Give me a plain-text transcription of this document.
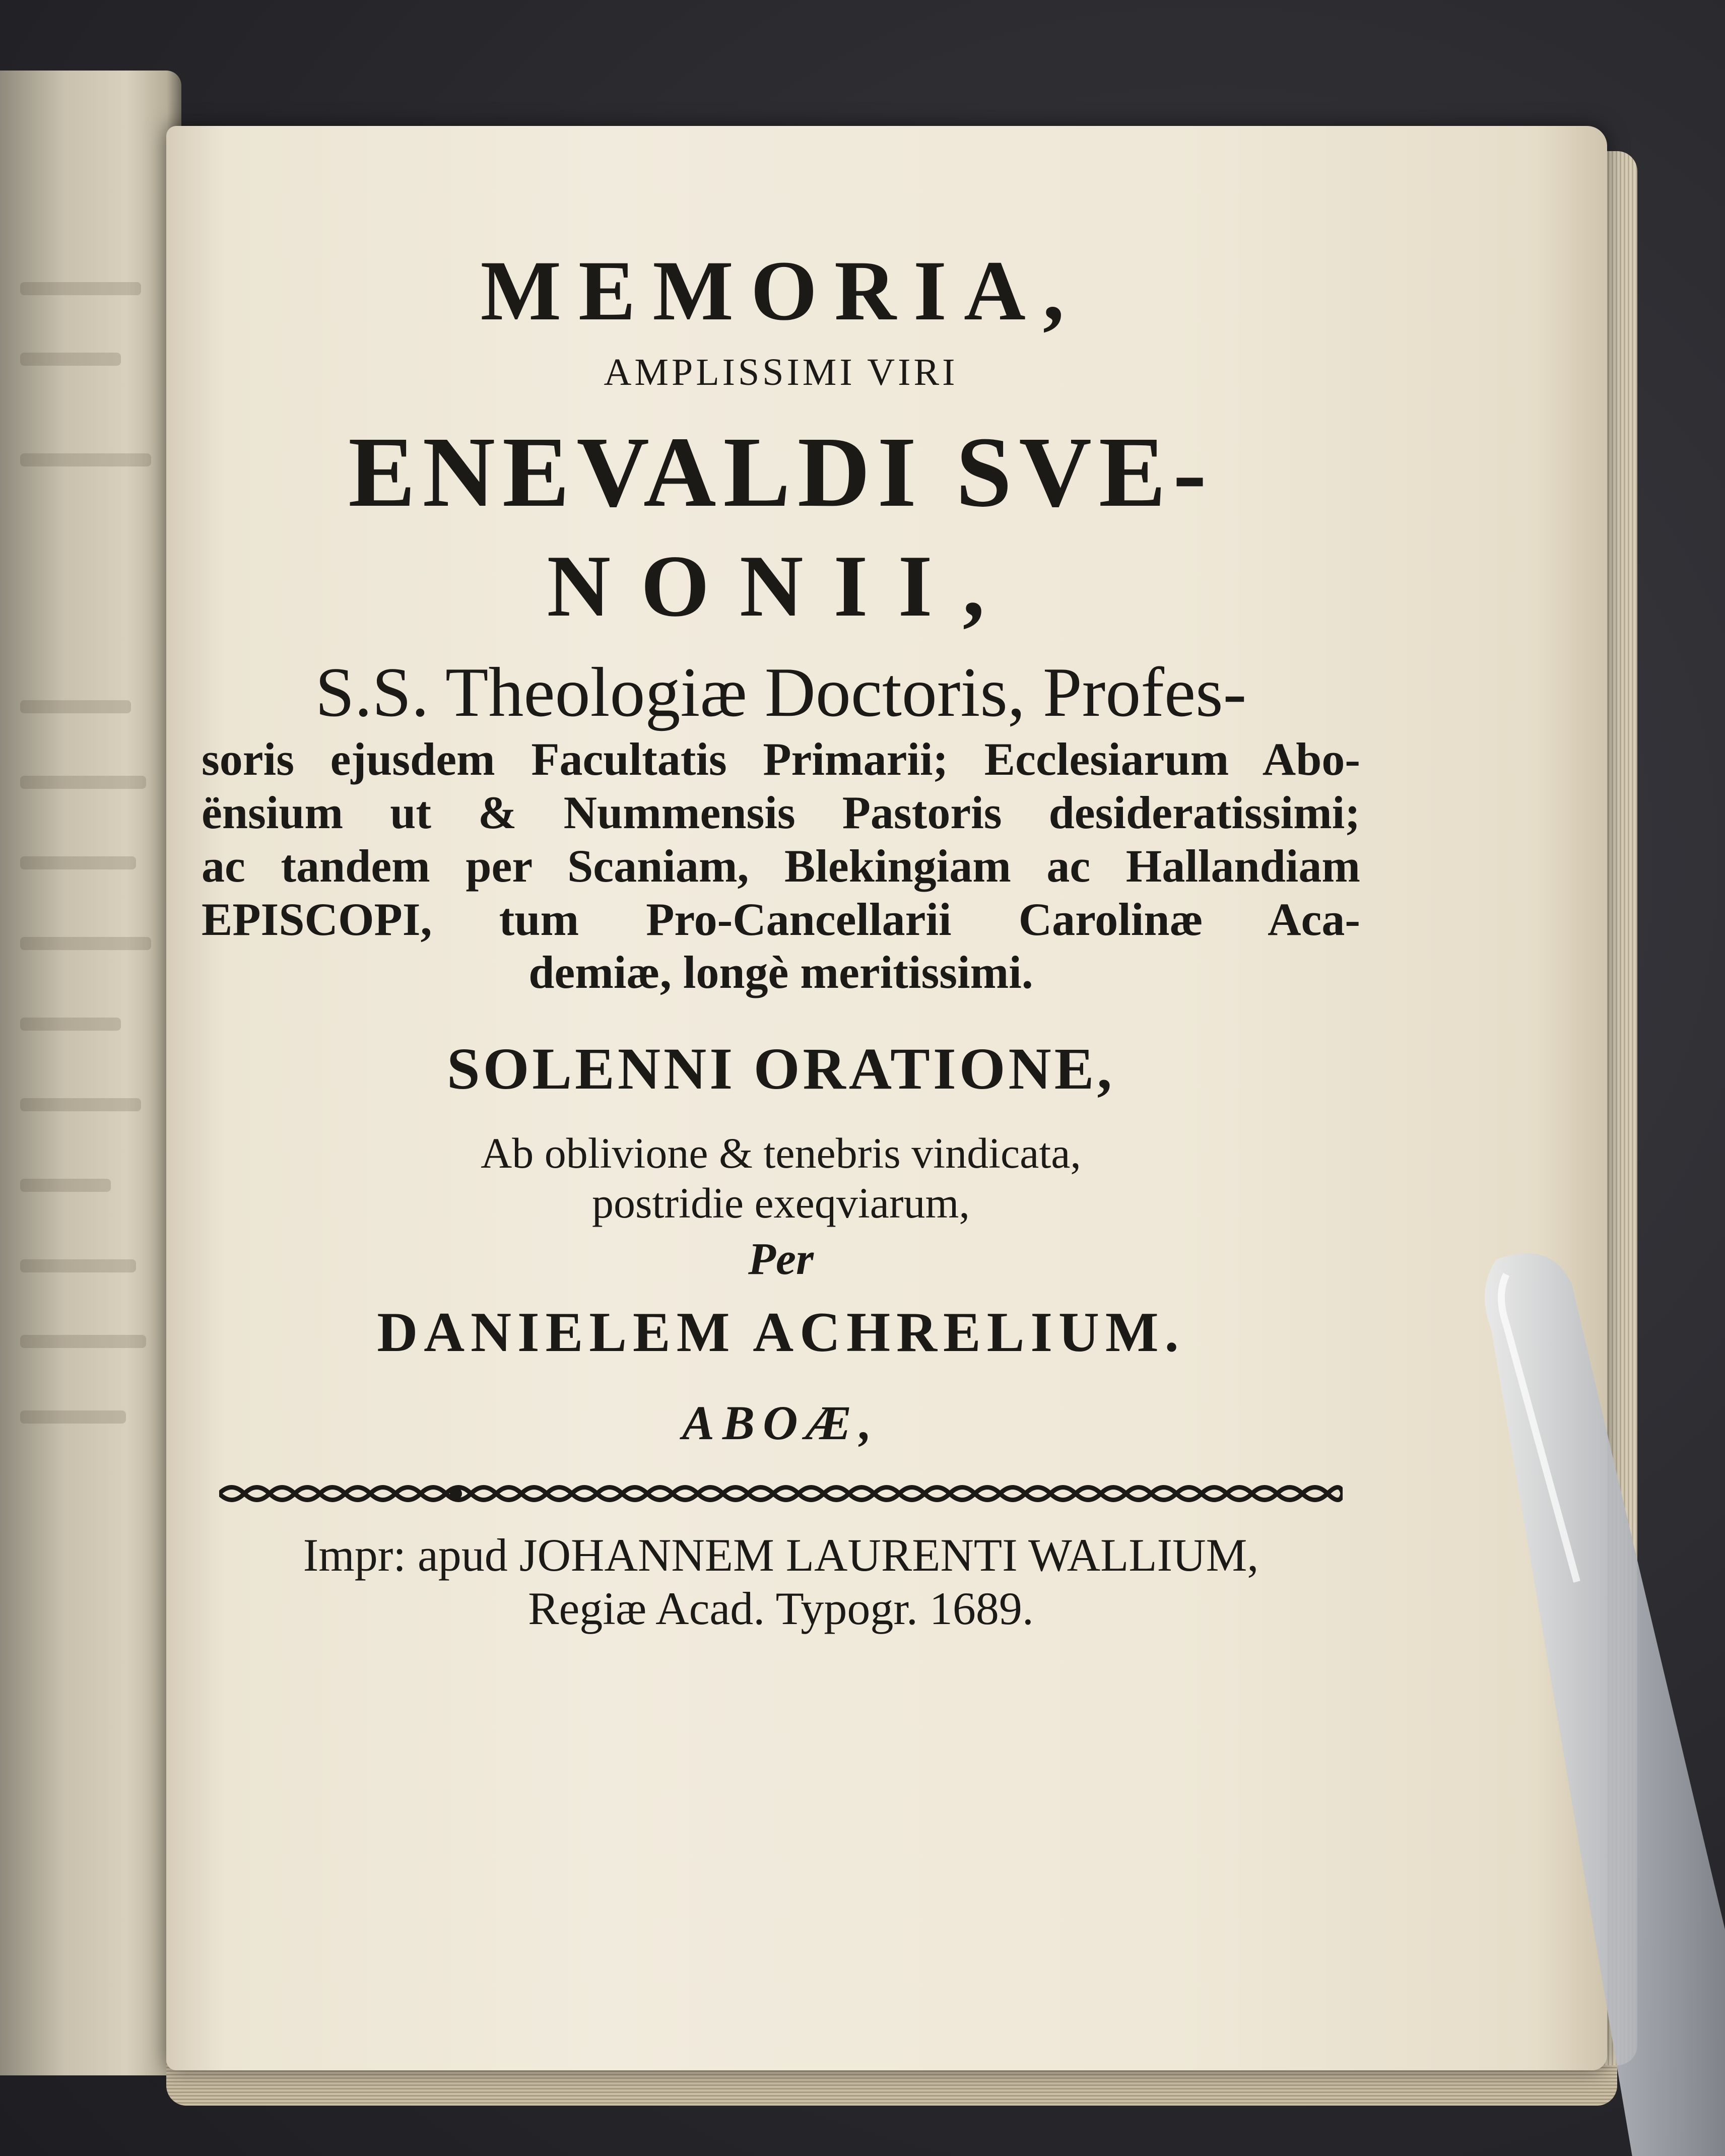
MEMORIA,
AMPLISSIMI VIRI
ENEVALDI SVE-
NONII,
S.S. Theologiæ Doctoris, Profes-
soris ejusdem Facultatis Primarii; Ecclesiarum Abo-
ënsium ut & Nummensis Pastoris desideratissimi;
ac tandem per Scaniam, Blekingiam ac Hallandiam
EPISCOPI, tum Pro-Cancellarii Carolinæ Aca-
demiæ, longè meritissimi.
SOLENNI ORATIONE,
Ab oblivione & tenebris vindicata,
postridie exeqviarum,
Per
DANIELEM ACHRELIUM.
ABOÆ,
Impr: apud JOHANNEM LAURENTI WALLIUM,
Regiæ Acad. Typogr. 1689.
